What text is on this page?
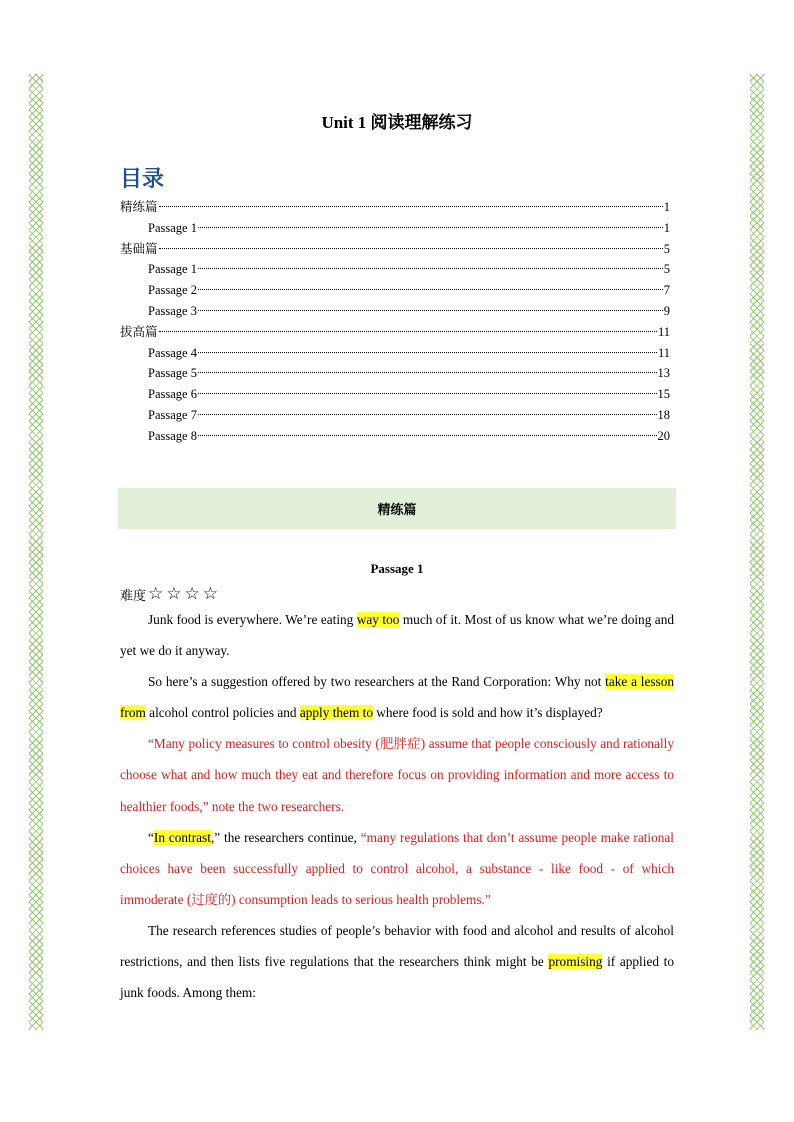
Unit 1 阅读理解练习
目录
精练篇	1
Passage 1	1
基础篇	5
Passage 1	5
Passage 2	7
Passage 3	9
拔高篇	11
Passage 4	11
Passage 5	13
Passage 6	15
Passage 7	18
Passage 8	20
精练篇
Passage 1
难度 ☆ ☆ ☆ ☆

Junk food is everywhere. We’re eating way too much of it. Most of us know what we’re doing and yet we do it anyway.

So here’s a suggestion offered by two researchers at the Rand Corporation: Why not take a lesson from alcohol control policies and apply them to where food is sold and how it’s displayed?

“Many policy measures to control obesity (肥胖症) assume that people consciously and rationally choose what and how much they eat and therefore focus on providing information and more access to healthier foods,” note the two researchers.

“In contrast,” the researchers continue, “many regulations that don’t assume people make rational choices have been successfully applied to control alcohol, a substance - like food - of which immoderate (过度的) consumption leads to serious health problems.”

The research references studies of people’s behavior with food and alcohol and results of alcohol restrictions, and then lists five regulations that the researchers think might be promising if applied to junk foods. Among them:
